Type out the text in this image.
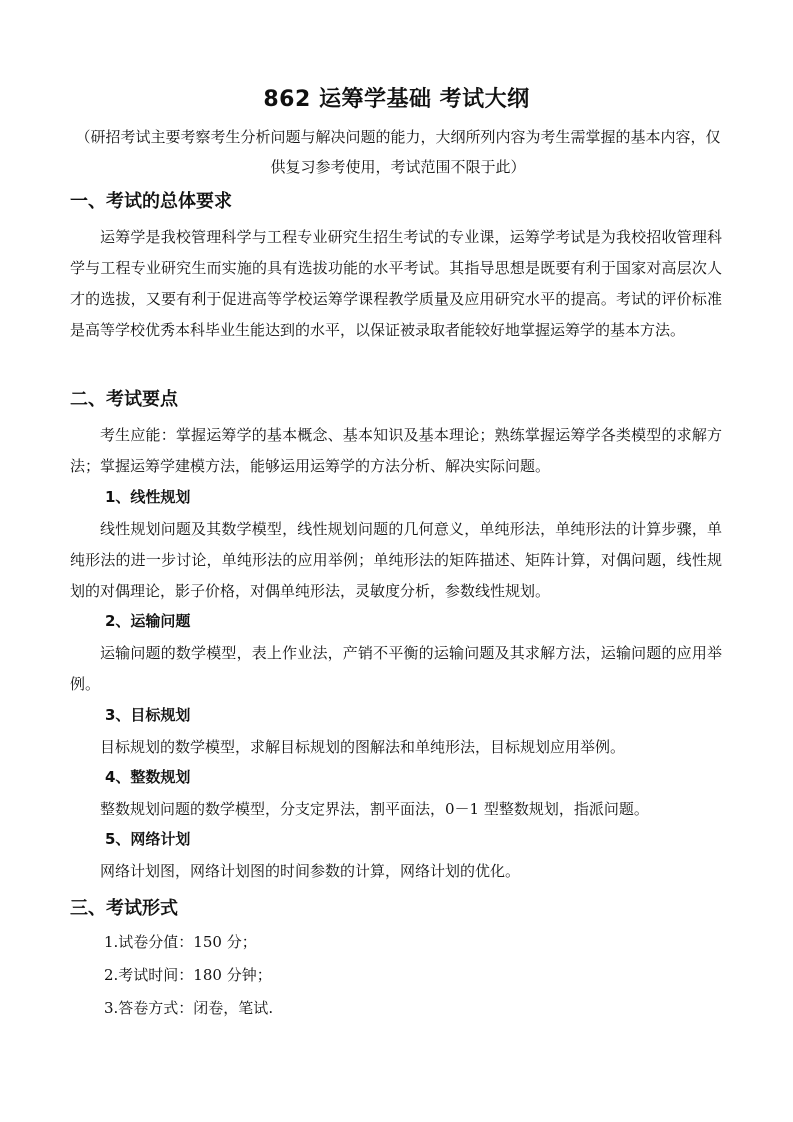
862 运筹学基础 考试大纲
（研招考试主要考察考生分析问题与解决问题的能力，大纲所列内容为考生需掌握的基本内容，仅供复习参考使用，考试范围不限于此）
一、考试的总体要求
运筹学是我校管理科学与工程专业研究生招生考试的专业课，运筹学考试是为我校招收管理科学与工程专业研究生而实施的具有选拔功能的水平考试。其指导思想是既要有利于国家对高层次人才的选拔，又要有利于促进高等学校运筹学课程教学质量及应用研究水平的提高。考试的评价标准是高等学校优秀本科毕业生能达到的水平，以保证被录取者能较好地掌握运筹学的基本方法。
二、考试要点
考生应能：掌握运筹学的基本概念、基本知识及基本理论；熟练掌握运筹学各类模型的求解方法；掌握运筹学建模方法，能够运用运筹学的方法分析、解决实际问题。
1、线性规划
线性规划问题及其数学模型，线性规划问题的几何意义，单纯形法，单纯形法的计算步骤，单纯形法的进一步讨论，单纯形法的应用举例；单纯形法的矩阵描述、矩阵计算，对偶问题，线性规划的对偶理论，影子价格，对偶单纯形法，灵敏度分析，参数线性规划。
2、运输问题
运输问题的数学模型，表上作业法，产销不平衡的运输问题及其求解方法，运输问题的应用举例。
3、目标规划
目标规划的数学模型，求解目标规划的图解法和单纯形法，目标规划应用举例。
4、整数规划
整数规划问题的数学模型，分支定界法，割平面法，0－1 型整数规划，指派问题。
5、网络计划
网络计划图，网络计划图的时间参数的计算，网络计划的优化。
三、考试形式
1.试卷分值：150 分；
2.考试时间：180 分钟；
3.答卷方式：闭卷，笔试.
